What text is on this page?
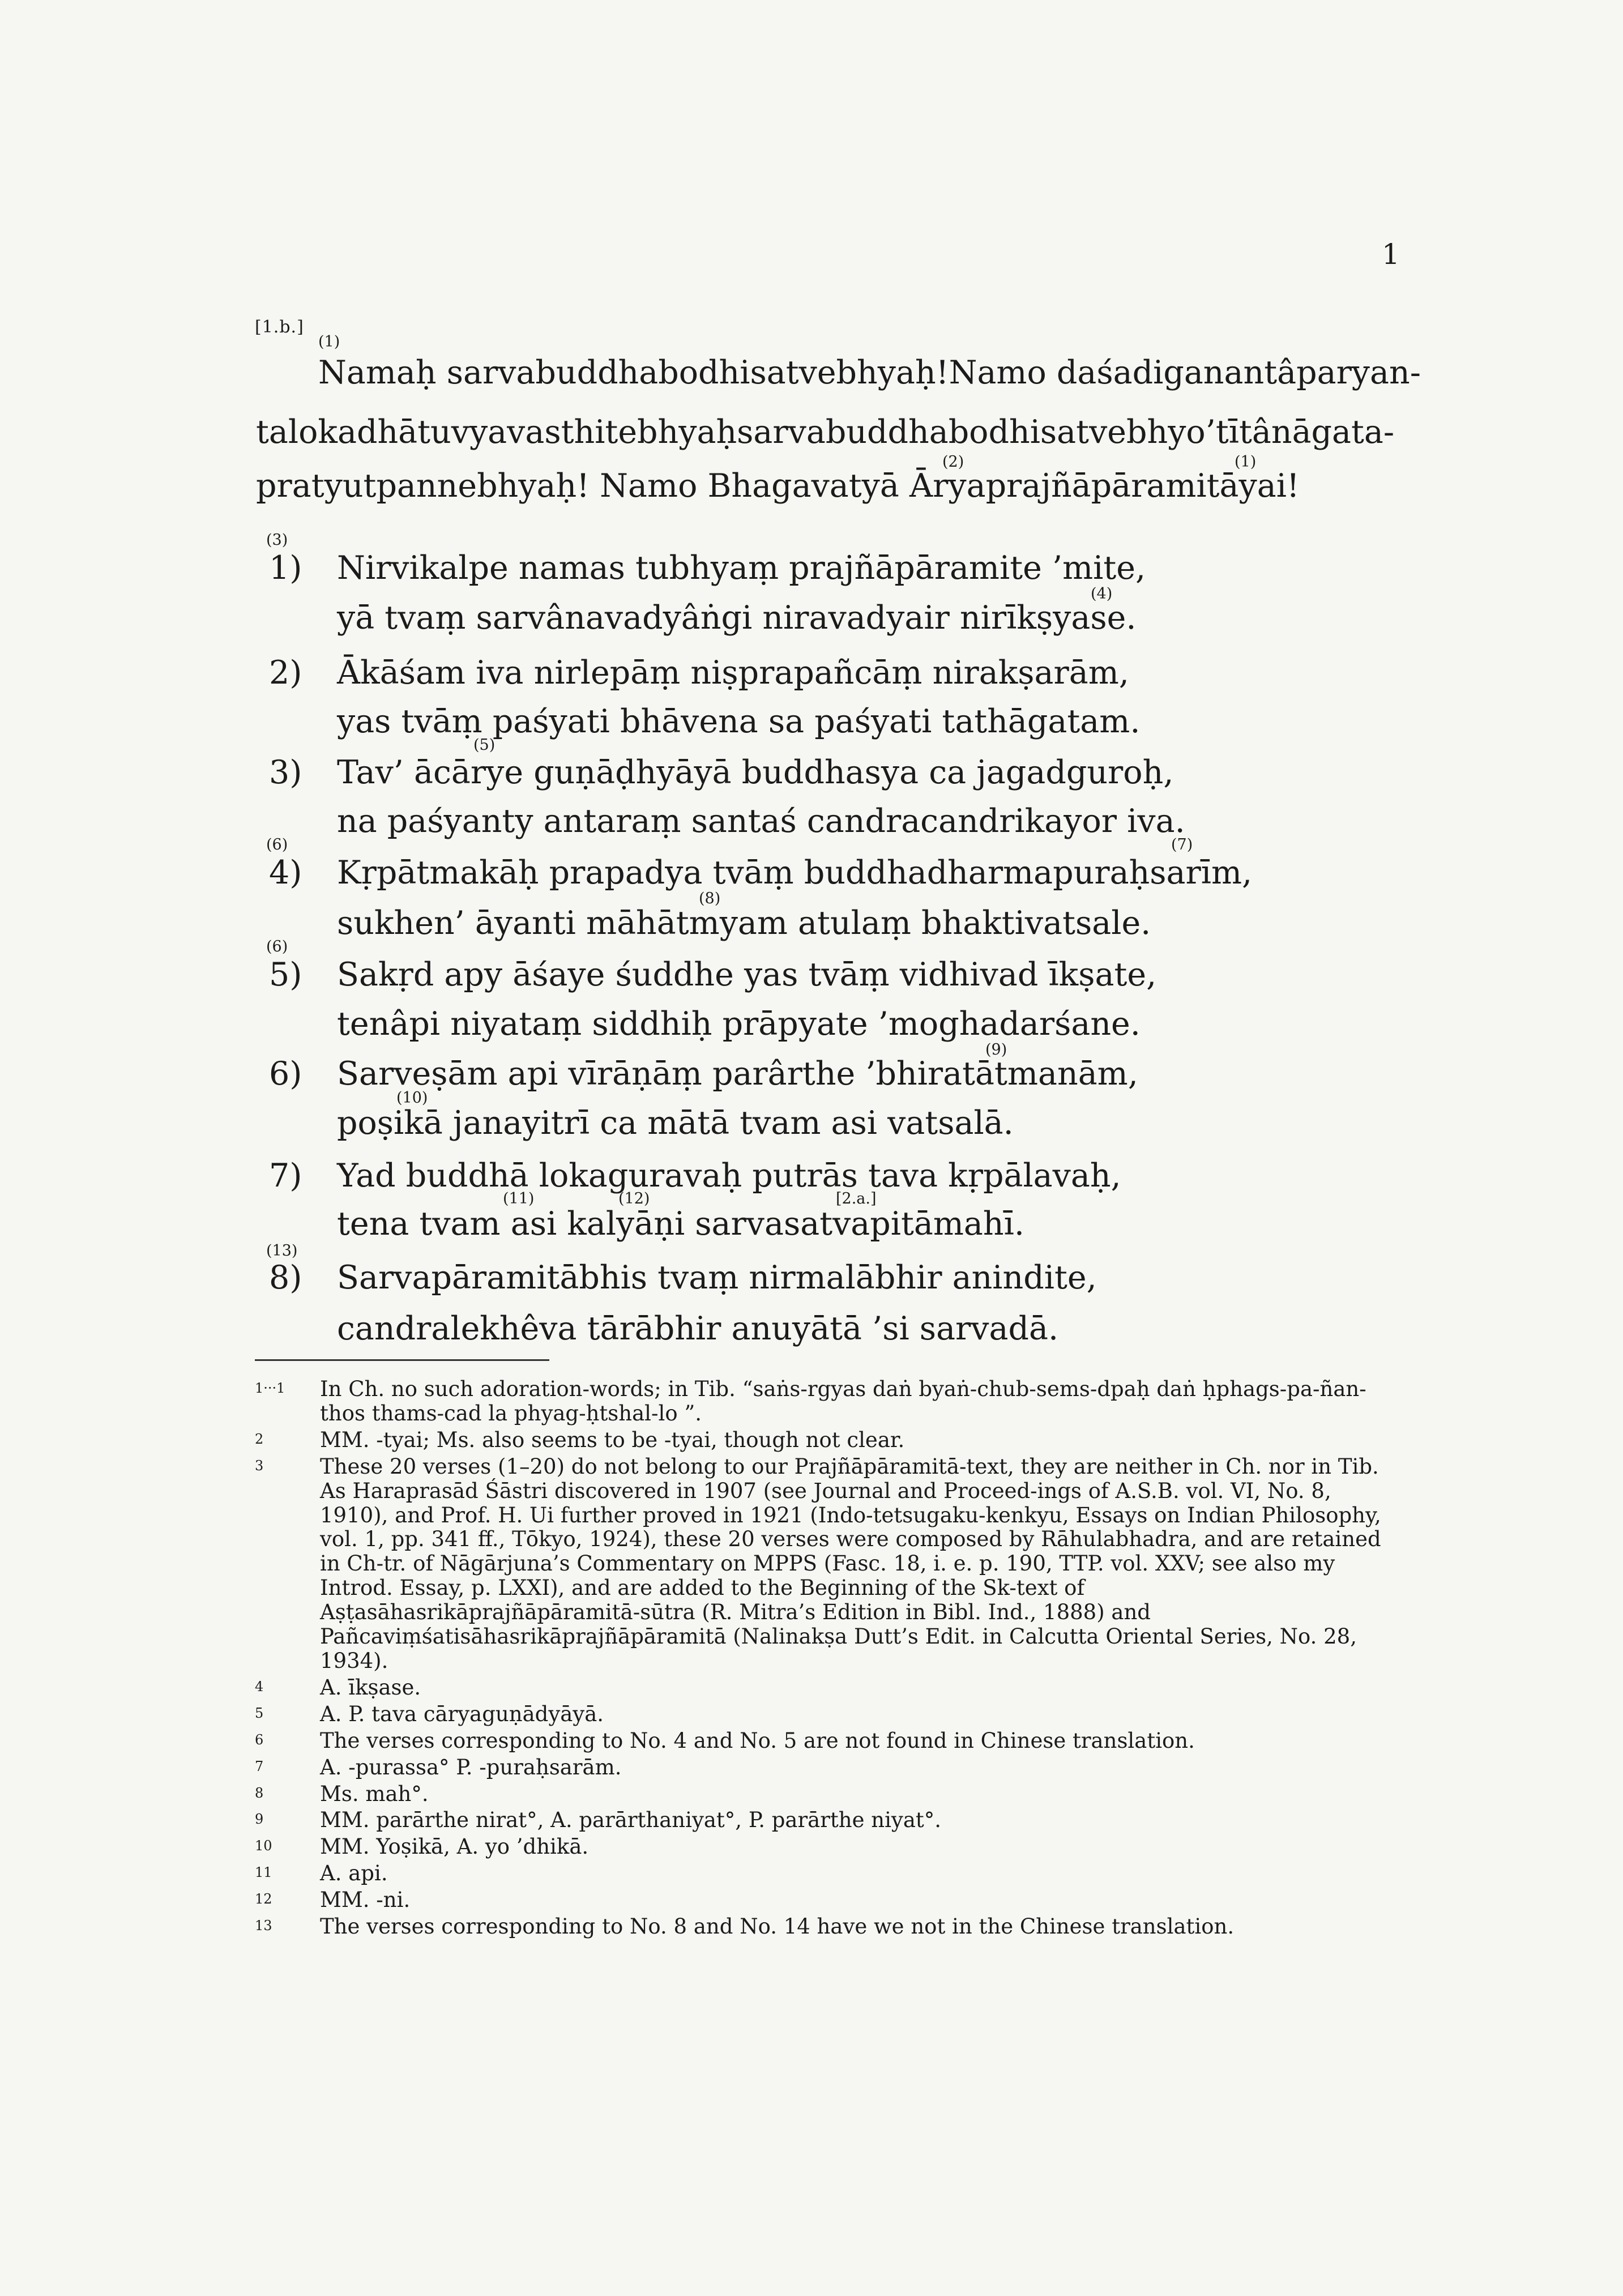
1
[1.b.]
(1)
Namaḥ sarvabuddhabodhisatvebhyaḥ! Namo daśadiganantâparyan-
talokadhātuvyavasthitebhyaḥ sarvabuddhabodhisatvebhyo ’tītânāgata-
(2)	(1)
pratyutpannebhyaḥ! Namo Bhagavatyā Āryaprajñāpāramitāyai!
(3)
1) Nirvikalpe namas tubhyaṃ prajñāpāramite ’mite,
(4)
yā tvaṃ sarvânavadyâṅgi niravadyair nirīkṣyase.
2) Ākāśam iva nirlepāṃ niṣprapañcāṃ nirakṣarām,
yas tvāṃ paśyati bhāvena sa paśyati tathāgatam.
(5)
3) Tav’ ācārye guṇāḍhyāyā buddhasya ca jagadguroḥ,
na paśyanty antaraṃ santaś candracandrikayor iva.
(6)	(7)
4) Kṛpātmakāḥ prapadya tvāṃ buddhadharmapuraḥsarīm,
(8)
sukhen’ āyanti māhātmyam atulaṃ bhaktivatsale.
(6)
5) Sakṛd apy āśaye śuddhe yas tvāṃ vidhivad īkṣate,
tenâpi niyataṃ siddhiḥ prāpyate ’moghadarśane.
(9)
6) Sarveṣām api vīrāṇāṃ parârthe ’bhiratātmanām,
(10)
poṣikā janayitrī ca mātā tvam asi vatsalā.
7) Yad buddhā lokaguravaḥ putrās tava kṛpālavaḥ,
(11)	(12)	[2.a.]
tena tvam asi kalyāṇi sarvasatvapitāmahī.
(13)
8) Sarvapāramitābhis tvaṃ nirmalābhir anindite,
candralekhêva tārābhir anuyātā ’si sarvadā.
1···1	In Ch. no such adoration-words; in Tib. “saṅs-rgyas daṅ byaṅ-chub-sems-dpaḥ daṅ ḥphags-pa-ñan-thos thams-cad la phyag-ḥtshal-lo ”.
2	MM. -tyai; Ms. also seems to be -tyai, though not clear.
3	These 20 verses (1–20) do not belong to our Prajñāpāramitā-text, they are neither in Ch. nor in Tib. As Haraprasād Śāstri discovered in 1907 (see Journal and Proceed-ings of A.S.B. vol. VI, No. 8, 1910), and Prof. H. Ui further proved in 1921 (Indo-tetsugaku-kenkyu, Essays on Indian Philosophy, vol. 1, pp. 341 ff., Tōkyo, 1924), these 20 verses were composed by Rāhulabhadra, and are retained in Ch-tr. of Nāgārjuna’s Commentary on MPPS (Fasc. 18, i. e. p. 190, TTP. vol. XXV; see also my Introd. Essay, p. LXXI), and are added to the Beginning of the Sk-text of Aṣṭasāhasrikāprajñāpāramitā-sūtra (R. Mitra’s Edition in Bibl. Ind., 1888) and Pañcaviṃśatisāhasrikāprajñāpāramitā (Nalinakṣa Dutt’s Edit. in Calcutta Oriental Series, No. 28, 1934).
4	A. īkṣase.
5	A. P. tava cāryaguṇādyāyā.
6	The verses corresponding to No. 4 and No. 5 are not found in Chinese translation.
7	A. -purassa° P. -puraḥsarām.
8	Ms. mah°.
9	MM. parārthe nirat°, A. parārthaniyat°, P. parārthe niyat°.
10	MM. Yoṣikā, A. yo ’dhikā.
11	A. api.
12	MM. -ni.
13	The verses corresponding to No. 8 and No. 14 have we not in the Chinese translation.
